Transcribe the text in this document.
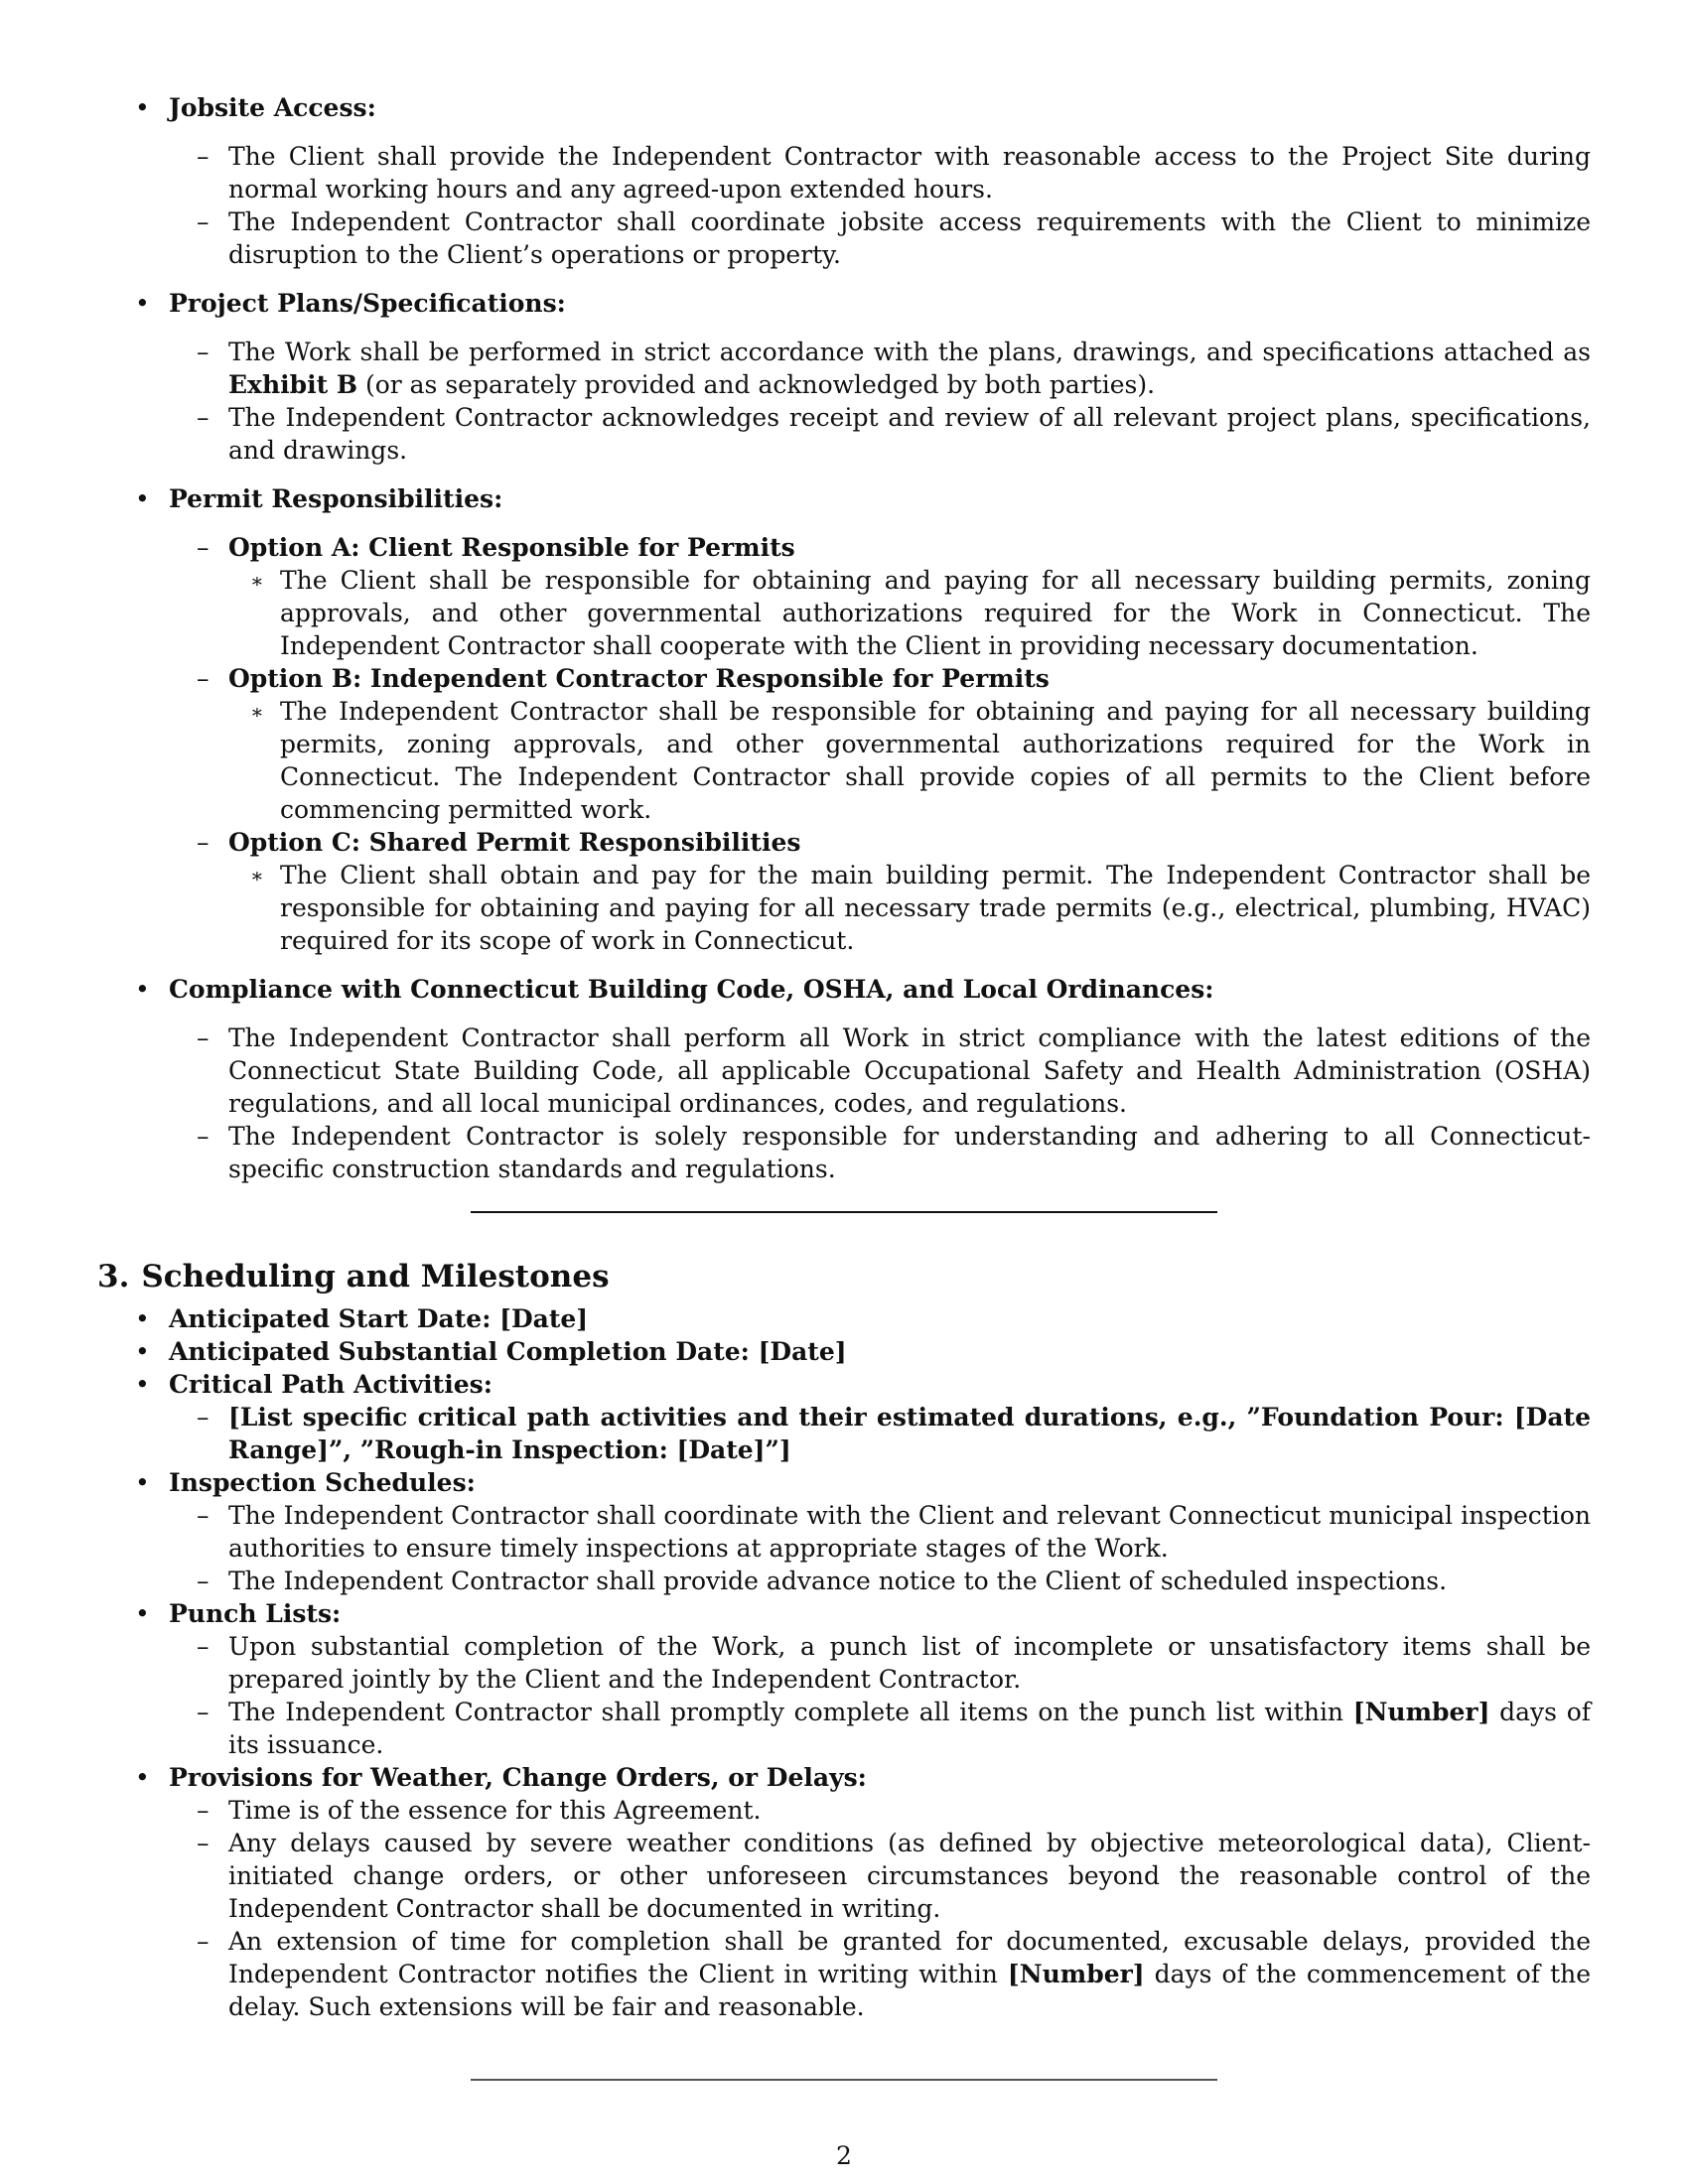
• Jobsite Access:

– The Client shall provide the Independent Contractor with reasonable access to the Project Site during normal working hours and any agreed-upon extended hours.

– The Independent Contractor shall coordinate jobsite access requirements with the Client to minimize disruption to the Client’s operations or property.

• Project Plans/Specifications:

– The Work shall be performed in strict accordance with the plans, drawings, and specifications attached as Exhibit B (or as separately provided and acknowledged by both parties).

– The Independent Contractor acknowledges receipt and review of all relevant project plans, specifications, and drawings.

• Permit Responsibilities:

– Option A: Client Responsible for Permits

∗ The Client shall be responsible for obtaining and paying for all necessary building permits, zoning approvals, and other governmental authorizations required for the Work in Connecticut. The Independent Contractor shall cooperate with the Client in providing necessary documentation.

– Option B: Independent Contractor Responsible for Permits

∗ The Independent Contractor shall be responsible for obtaining and paying for all necessary building permits, zoning approvals, and other governmental authorizations required for the Work in Connecticut. The Independent Contractor shall provide copies of all permits to the Client before commencing permitted work.

– Option C: Shared Permit Responsibilities

∗ The Client shall obtain and pay for the main building permit. The Independent Contractor shall be responsible for obtaining and paying for all necessary trade permits (e.g., electrical, plumbing, HVAC) required for its scope of work in Connecticut.

• Compliance with Connecticut Building Code, OSHA, and Local Ordinances:

– The Independent Contractor shall perform all Work in strict compliance with the latest editions of the Connecticut State Building Code, all applicable Occupational Safety and Health Administration (OSHA) regulations, and all local municipal ordinances, codes, and regulations.

– The Independent Contractor is solely responsible for understanding and adhering to all Connecticut-specific construction standards and regulations.

3. Scheduling and Milestones
• Anticipated Start Date: [Date]
• Anticipated Substantial Completion Date: [Date]
• Critical Path Activities:

– [List specific critical path activities and their estimated durations, e.g., ”Foundation Pour: [Date Range]”, ”Rough-in Inspection: [Date]”]

• Inspection Schedules:

– The Independent Contractor shall coordinate with the Client and relevant Connecticut municipal inspection authorities to ensure timely inspections at appropriate stages of the Work.

– The Independent Contractor shall provide advance notice to the Client of scheduled inspections.

• Punch Lists:

– Upon substantial completion of the Work, a punch list of incomplete or unsatisfactory items shall be prepared jointly by the Client and the Independent Contractor.

– The Independent Contractor shall promptly complete all items on the punch list within [Number] days of its issuance.

• Provisions for Weather, Change Orders, or Delays:

– Time is of the essence for this Agreement.

– Any delays caused by severe weather conditions (as defined by objective meteorological data), Client-initiated change orders, or other unforeseen circumstances beyond the reasonable control of the Independent Contractor shall be documented in writing.

– An extension of time for completion shall be granted for documented, excusable delays, provided the Independent Contractor notifies the Client in writing within [Number] days of the commencement of the delay. Such extensions will be fair and reasonable.

2
